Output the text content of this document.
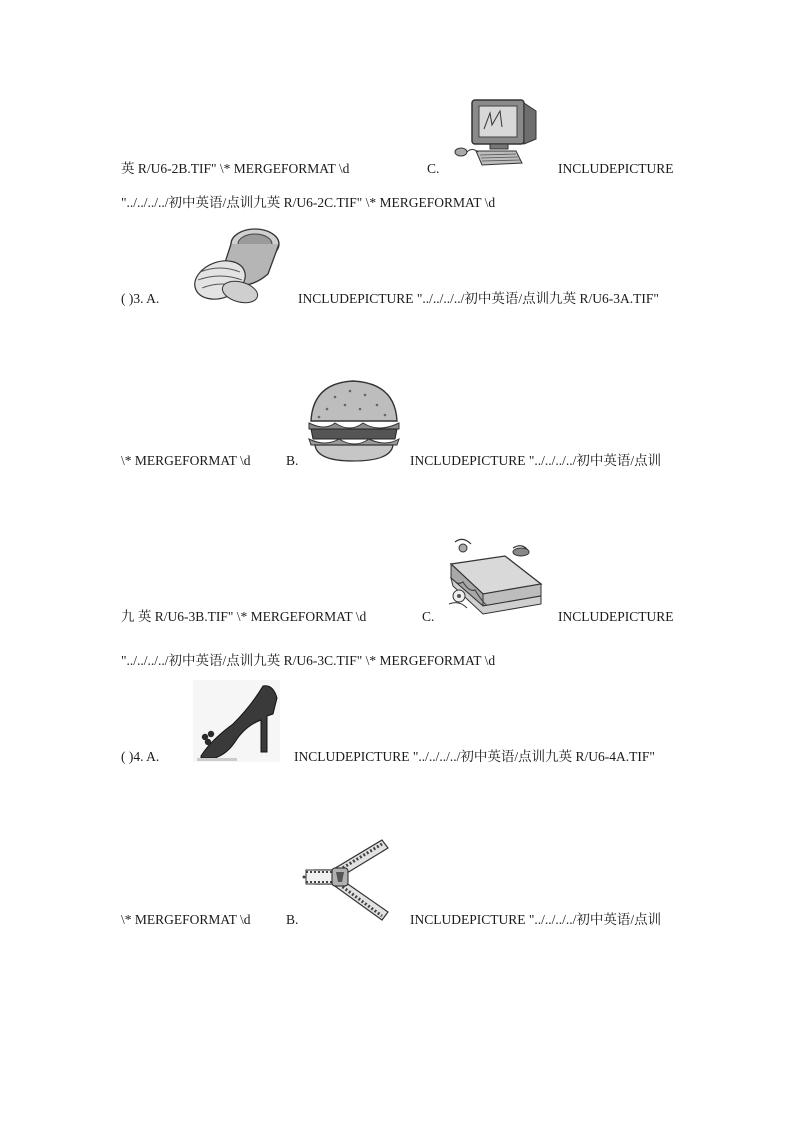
英 R/U6-2B.TIF" \* MERGEFORMAT \d	C.	INCLUDEPICTURE
"../../../../初中英语/点训九英 R/U6-2C.TIF" \* MERGEFORMAT \d
( )3. A.	INCLUDEPICTURE "../../../../初中英语/点训九英 R/U6-3A.TIF"
\* MERGEFORMAT \d	B.	INCLUDEPICTURE "../../../../初中英语/点训
九 英 R/U6-3B.TIF" \* MERGEFORMAT \d	C.	INCLUDEPICTURE
"../../../../初中英语/点训九英 R/U6-3C.TIF" \* MERGEFORMAT \d
( )4. A.	INCLUDEPICTURE "../../../../初中英语/点训九英 R/U6-4A.TIF"
\* MERGEFORMAT \d	B.	INCLUDEPICTURE "../../../../初中英语/点训
